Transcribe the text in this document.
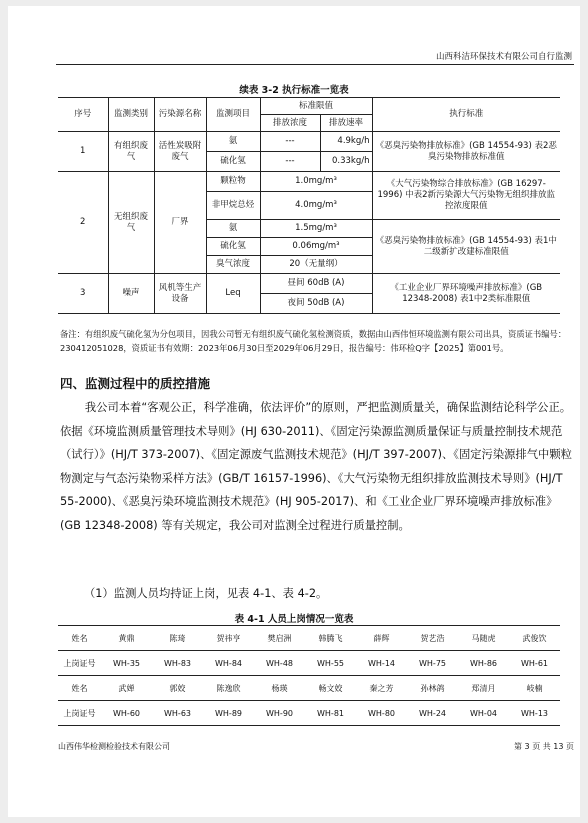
山西科洁环保技术有限公司自行监测
续表 3-2 执行标准一览表
序号	监测类别	污染源名称	监测项目	标准限值		执行标准
				排放浓度	排放速率	
1	有组织废气	活性炭吸附废气	氨	---	4.9kg/h	《恶臭污染物排放标准》(GB 14554-93) 表2恶臭污染物排放标准值
			硫化氢	---	0.33kg/h	
2	无组织废气	厂界	颗粒物	1.0mg/m³		《大气污染物综合排放标准》(GB 16297-1996) 中表2新污染源大气污染物无组织排放监控浓度限值
			非甲烷总烃	4.0mg/m³		
			氨	1.5mg/m³		《恶臭污染物排放标准》(GB 14554-93) 表1中二级新扩改建标准限值
			硫化氢	0.06mg/m³		
			臭气浓度	20（无量纲）		
3	噪声	风机等生产设备	Leq	昼间 60dB (A)		《工业企业厂界环境噪声排放标准》(GB 12348-2008) 表1中2类标准限值
				夜间 50dB (A)		
备注：有组织废气硫化氢为分包项目，因我公司暂无有组织废气硫化氢检测资质，数据由山西伟恒环境监测有限公司出具，资质证书编号：230412051028，资质证书有效期：2023年06月30日至2029年06月29日，报告编号：伟环检Q字【2025】第001号。
四、监测过程中的质控措施

我公司本着“客观公正，科学准确，依法评价”的原则，严把监测质量关，确保监测结论科学公正。依据《环境监测质量管理技术导则》(HJ 630-2011)、《固定污染源监测质量保证与质量控制技术规范（试行）》(HJ/T 373-2007)、《固定源废气监测技术规范》(HJ/T 397-2007)、《固定污染源排气中颗粒物测定与气态污染物采样方法》(GB/T 16157-1996)、《大气污染物无组织排放监测技术导则》(HJ/T 55-2000)、《恶臭污染环境监测技术规范》(HJ 905-2017)、和《工业企业厂界环境噪声排放标准》(GB 12348-2008) 等有关规定，我公司对监测全过程进行质量控制。

（1）监测人员均持证上岗，见表 4-1、表 4-2。
表 4-1 人员上岗情况一览表
姓名	黄鼎	陈琦	贺祎亨	樊启洲	韩腾飞	薛辉	贺艺浩	马随虎	武俊饮
上岗证号	WH-35	WH-83	WH-84	WH-48	WH-55	WH-14	WH-75	WH-86	WH-61
姓名	武婵	郭姣	陈逸欣	杨瑛	畅文姣	秦之芳	孙林鸽	郑清月	岐楠
上岗证号	WH-60	WH-63	WH-89	WH-90	WH-81	WH-80	WH-24	WH-04	WH-13
山西伟华检测检验技术有限公司	第 3 页 共 13 页
